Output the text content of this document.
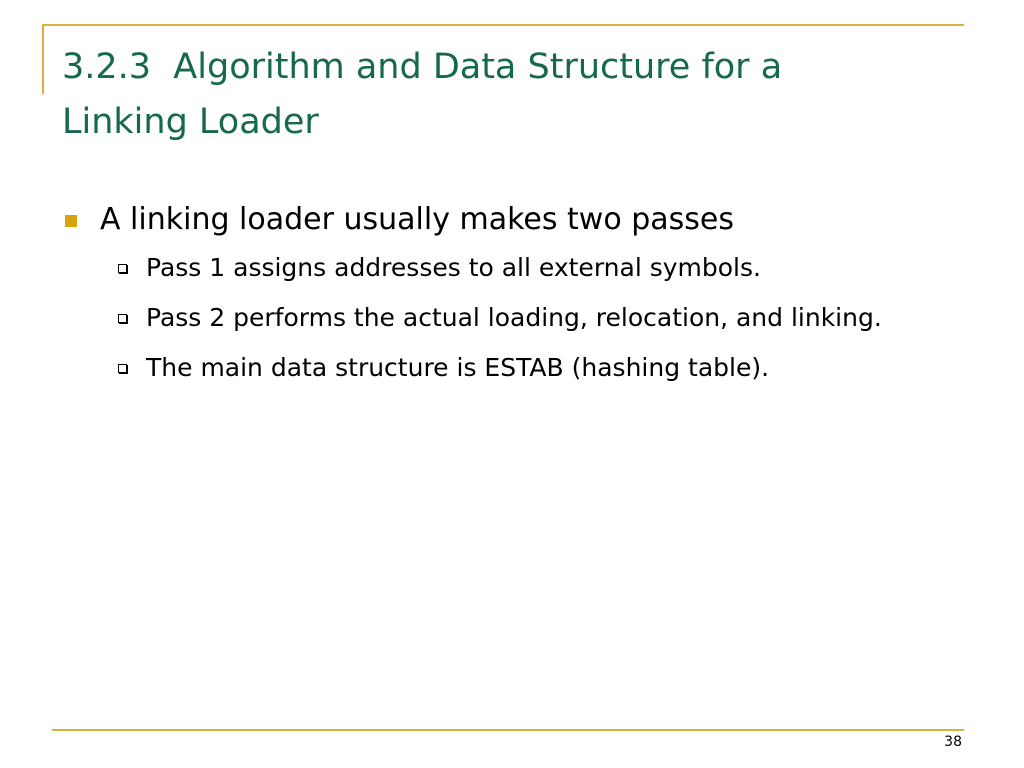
3.2.3  Algorithm and Data Structure for a
Linking Loader
A linking loader usually makes two passes
Pass 1 assigns addresses to all external symbols.
Pass 2 performs the actual loading, relocation, and linking.
The main data structure is ESTAB (hashing table).
38
